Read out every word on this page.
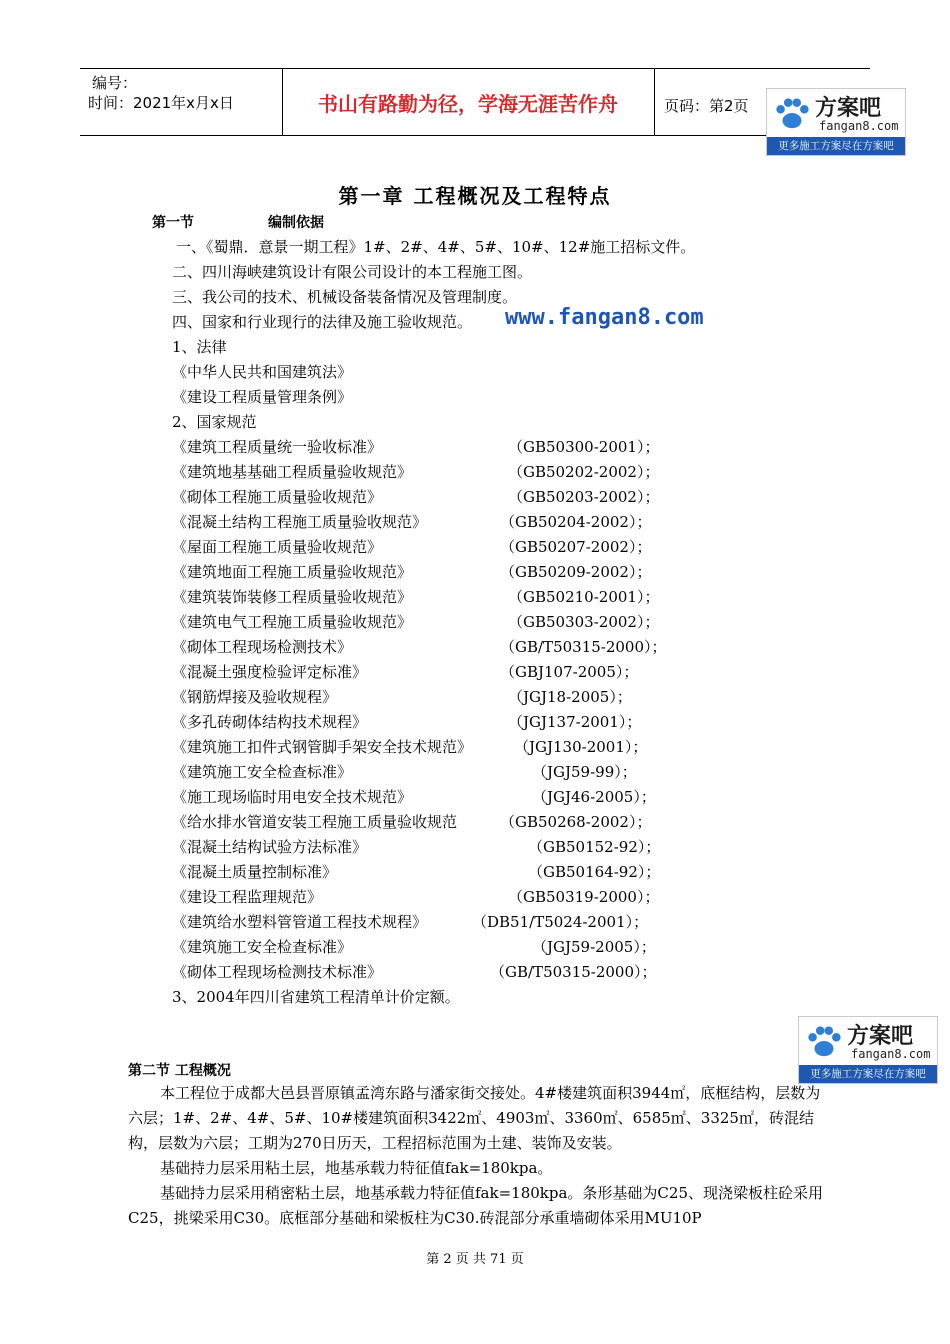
编号：
时间：2021年x月x日	书山有路勤为径，学海无涯苦作舟	页码：第2页	方案吧
fangan8.com
更多施工方案尽在方案吧
第一章 工程概况及工程特点
第一节	编制依据
一、《蜀鼎．意景一期工程》1#、2#、4#、5#、10#、12#施工招标文件。
二、四川海峡建筑设计有限公司设计的本工程施工图。
三、我公司的技术、机械设备装备情况及管理制度。
四、国家和行业现行的法律及施工验收规范。 www.fangan8.com
1、法律
《中华人民共和国建筑法》
《建设工程质量管理条例》
2、国家规范
《建筑工程质量统一验收标准》	（GB50300-2001）；
《建筑地基基础工程质量验收规范》	（GB50202-2002）；
《砌体工程施工质量验收规范》	（GB50203-2002）；
《混凝土结构工程施工质量验收规范》	（GB50204-2002）；
《屋面工程施工质量验收规范》	（GB50207-2002）；
《建筑地面工程施工质量验收规范》	（GB50209-2002）；
《建筑装饰装修工程质量验收规范》	（GB50210-2001）；
《建筑电气工程施工质量验收规范》	（GB50303-2002）；
《砌体工程现场检测技术》	（GB/T50315-2000）；
《混凝土强度检验评定标准》	（GBJ107-2005）；
《钢筋焊接及验收规程》	（JGJ18-2005）；
《多孔砖砌体结构技术规程》	（JGJ137-2001）；
《建筑施工扣件式钢管脚手架安全技术规范》	（JGJ130-2001）；
《建筑施工安全检查标准》	（JGJ59-99）；
《施工现场临时用电安全技术规范》	（JGJ46-2005）；
《给水排水管道安装工程施工质量验收规范	（GB50268-2002）；
《混凝土结构试验方法标准》	（GB50152-92）；
《混凝土质量控制标准》	（GB50164-92）；
《建设工程监理规范》	（GB50319-2000）；
《建筑给水塑料管管道工程技术规程》	（DB51/T5024-2001）；
《建筑施工安全检查标准》	（JGJ59-2005）；
《砌体工程现场检测技术标准》	（GB/T50315-2000）；
3、2004年四川省建筑工程清单计价定额。
方案吧
fangan8.com
更多施工方案尽在方案吧
第二节 工程概况

本工程位于成都大邑县晋原镇孟湾东路与潘家街交接处。4#楼建筑面积3944㎡，底框结构，层数为六层；1#、2#、4#、5#、10#楼建筑面积3422㎡、4903㎡、3360㎡、6585㎡、3325㎡，砖混结构，层数为六层；工期为270日历天，工程招标范围为土建、装饰及安装。

基础持力层采用粘土层，地基承载力特征值fak=180kpa。

基础持力层采用稍密粘土层，地基承载力特征值fak=180kpa。条形基础为C25、现浇梁板柱砼采用C25，挑梁采用C30。底框部分基础和梁板柱为C30.砖混部分承重墙砌体采用MU10P

第 2 页 共 71 页
